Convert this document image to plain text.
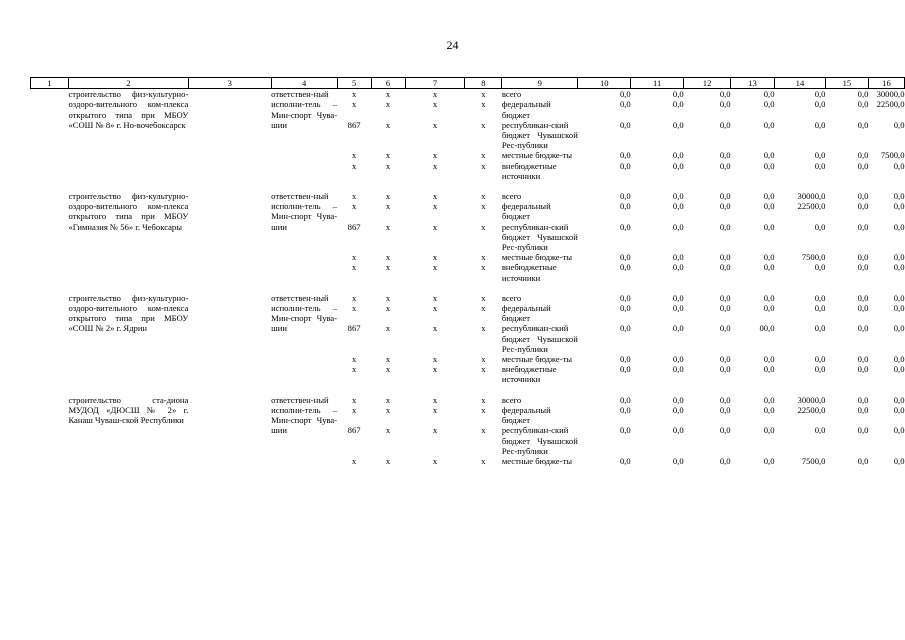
24
1	2	3	4	5	6	7	8	9	10	11	12	13	14	15	16
	строительство физ-культурно-оздоро-вительного ком-плекса открытого типа при МБОУ «СОШ № 8» г. Но-вочебоксарск		ответствен-ный исполни-тель – Мин-спорт Чува-шии	х	х	х	х	всего	0,0	0,0	0,0	0,0	0,0	0,0	30000,0
				х	х	х	х	федеральный бюджет	0,0	0,0	0,0	0,0	0,0	0,0	22500,0
				867	х	х	х	республикан-ский бюджет Чувашской Рес-публики	0,0	0,0	0,0	0,0	0,0	0,0	0,0
				х	х	х	х	местные бюдже-ты	0,0	0,0	0,0	0,0	0,0	0,0	7500,0
				х	х	х	х	внебюджетные источники	0,0	0,0	0,0	0,0	0,0	0,0	0,0

	строительство физ-культурно-оздоро-вительного ком-плекса открытого типа при МБОУ «Гимназия № 56» г. Чебоксары		ответствен-ный исполни-тель – Мин-спорт Чува-шии	х	х	х	х	всего	0,0	0,0	0,0	0,0	30000,0	0,0	0,0
				х	х	х	х	федеральный бюджет	0,0	0,0	0,0	0,0	22500,0	0,0	0,0
				867	х	х	х	республикан-ский бюджет Чувашской Рес-публики	0,0	0,0	0,0	0,0	0,0	0,0	0,0
				х	х	х	х	местные бюдже-ты	0,0	0,0	0,0	0,0	7500,0	0,0	0,0
				х	х	х	х	внебюджетные источники	0,0	0,0	0,0	0,0	0,0	0,0	0,0

	строительство физ-культурно-оздоро-вительного ком-плекса открытого типа при МБОУ «СОШ № 2» г. Ядрин		ответствен-ный исполни-тель – Мин-спорт Чува-шии	х	х	х	х	всего	0,0	0,0	0,0	0,0	0,0	0,0	0,0
				х	х	х	х	федеральный бюджет	0,0	0,0	0,0	0,0	0,0	0,0	0,0
				867	х	х	х	республикан-ский бюджет Чувашской Рес-публики	0,0	0,0	0,0	00,0	0,0	0,0	0,0
				х	х	х	х	местные бюдже-ты	0,0	0,0	0,0	0,0	0,0	0,0	0,0
				х	х	х	х	внебюджетные источники	0,0	0,0	0,0	0,0	0,0	0,0	0,0

	строительство ста-диона МУДОД «ДЮСШ № 2» г. Канаш Чуваш-ской Республики		ответствен-ный исполни-тель – Мин-спорт Чува-шии	х	х	х	х	всего	0,0	0,0	0,0	0,0	30000,0	0,0	0,0
				х	х	х	х	федеральный бюджет	0,0	0,0	0,0	0,0	22500,0	0,0	0,0
				867	х	х	х	республикан-ский бюджет Чувашской Рес-публики	0,0	0,0	0,0	0,0	0,0	0,0	0,0
				х	х	х	х	местные бюдже-ты	0,0	0,0	0,0	0,0	7500,0	0,0	0,0
